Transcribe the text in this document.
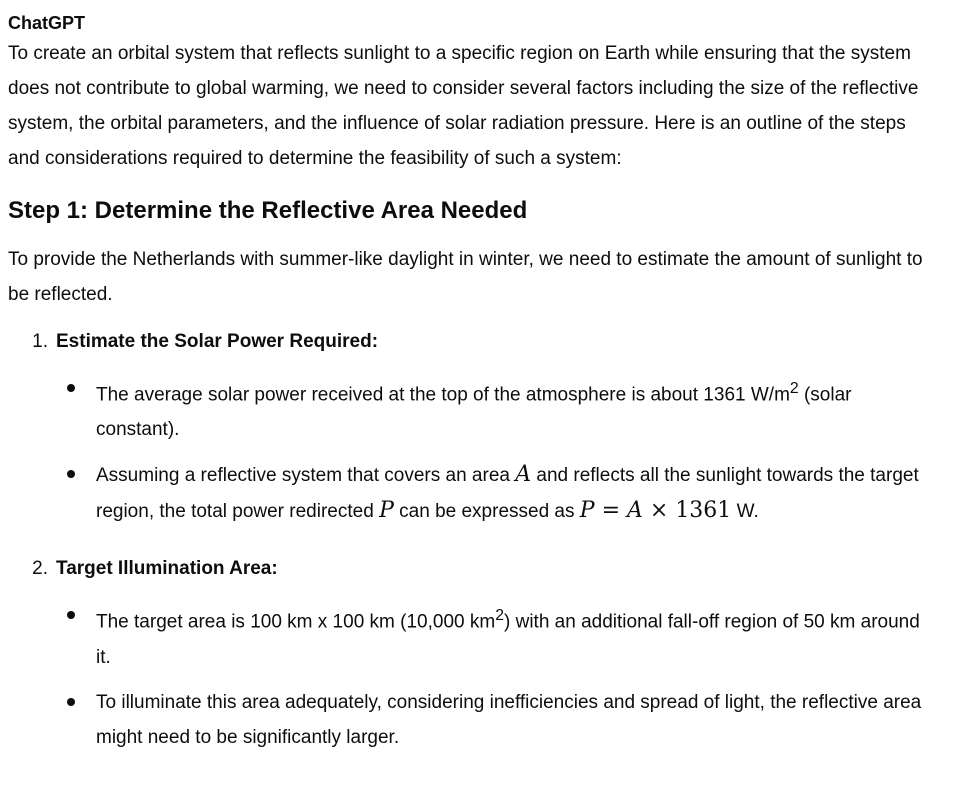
ChatGPT

To create an orbital system that reflects sunlight to a specific region on Earth while ensuring that the system does not contribute to global warming, we need to consider several factors including the size of the reflective system, the orbital parameters, and the influence of solar radiation pressure. Here is an outline of the steps and considerations required to determine the feasibility of such a system:

Step 1: Determine the Reflective Area Needed

To provide the Netherlands with summer-like daylight in winter, we need to estimate the amount of sunlight to be reflected.

1. Estimate the Solar Power Required:
The average solar power received at the top of the atmosphere is about 1361 $W/m^2$ (solar constant).
Assuming a reflective system that covers an area A and reflects all the sunlight towards the target region, the total power redirected P can be expressed as P = A × 1361 W.
2. Target Illumination Area:
The target area is 100 km x 100 km (10,000 $km^2$) with an additional fall-off region of 50 km around it.
To illuminate this area adequately, considering inefficiencies and spread of light, the reflective area might need to be significantly larger.
